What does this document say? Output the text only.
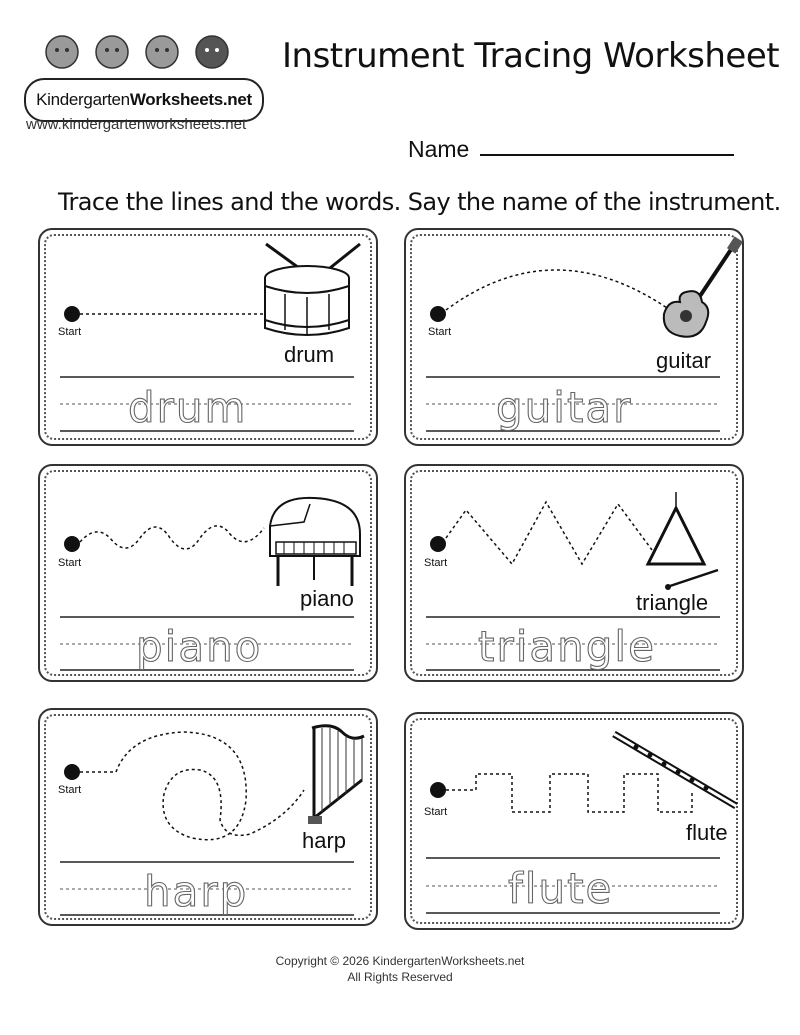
Kindergarten Worksheets.net
www.kindergartenworksheets.net
Instrument Tracing Worksheet
Name
Trace the lines and the words. Say the name of the instrument.
Start
drum
drum
Start
guitar
guitar
Start
piano
piano
Start
triangle
triangle
Start
harp
harp
Start
flute
flute
Copyright © 2026 KindergartenWorksheets.net
All Rights Reserved
